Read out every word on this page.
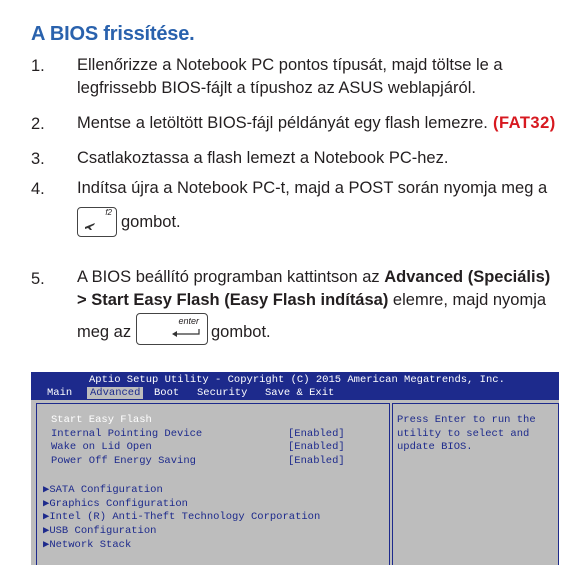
A BIOS frissítése.
1. Ellenőrizze a Notebook PC pontos típusát, majd töltse le a
legfrissebb BIOS-fájlt a típushoz az ASUS weblapjáról.
2. Mentse a letöltött BIOS-fájl példányát egy flash lemezre. (FAT32)
3. Csatlakoztassa a flash lemezt a Notebook PC-hez.
4. Indítsa újra a Notebook PC-t, majd a POST során nyomja meg a
f2
gombot.
5. A BIOS beállító programban kattintson az Advanced (Speciális)
> Start Easy Flash (Easy Flash indítása) elemre, majd nyomja
meg az
enter
gombot.
Aptio Setup Utility - Copyright (C) 2015 American Megatrends, Inc.
Main Advanced Boot Security Save & Exit
Start Easy Flash
Internal Pointing Device	[Enabled]
Wake on Lid Open	[Enabled]
Power Off Energy Saving	[Enabled]
▶SATA Configuration
▶Graphics Configuration
▶Intel (R) Anti-Theft Technology Corporation
▶USB Configuration
▶Network Stack
Press Enter to run the
utility to select and
update BIOS.
